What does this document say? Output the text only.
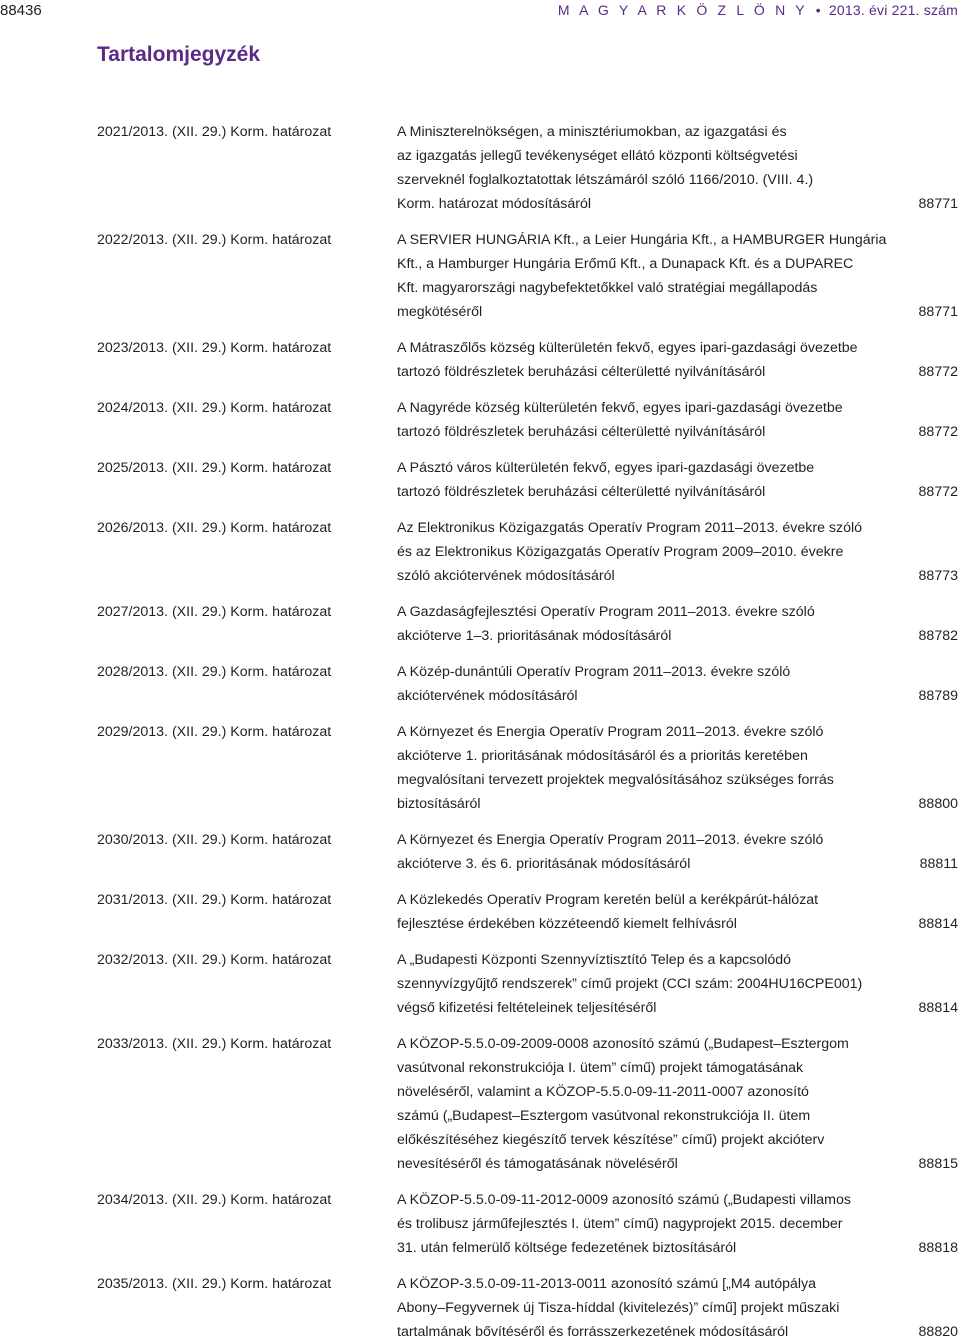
88436	M A G Y A R K Ö Z L Ö N Y • 2013. évi 221. szám
Tartalomjegyzék
2021/2013. (XII. 29.) Korm. határozat	A Miniszterelnökségen, a minisztériumokban, az igazgatási és
az igazgatás jellegű tevékenységet ellátó központi költségvetési
szerveknél foglalkoztatottak létszámáról szóló 1166/2010. (VIII. 4.)
Korm. határozat módosításáról	88771
2022/2013. (XII. 29.) Korm. határozat	A SERVIER HUNGÁRIA Kft., a Leier Hungária Kft., a HAMBURGER Hungária
Kft., a Hamburger Hungária Erőmű Kft., a Dunapack Kft. és a DUPAREC
Kft. magyarországi nagybefektetőkkel való stratégiai megállapodás
megkötéséről	88771
2023/2013. (XII. 29.) Korm. határozat	A Mátraszőlős község külterületén fekvő, egyes ipari-gazdasági övezetbe
tartozó földrészletek beruházási célterületté nyilvánításáról	88772
2024/2013. (XII. 29.) Korm. határozat	A Nagyréde község külterületén fekvő, egyes ipari-gazdasági övezetbe
tartozó földrészletek beruházási célterületté nyilvánításáról	88772
2025/2013. (XII. 29.) Korm. határozat	A Pásztó város külterületén fekvő, egyes ipari-gazdasági övezetbe
tartozó földrészletek beruházási célterületté nyilvánításáról	88772
2026/2013. (XII. 29.) Korm. határozat	Az Elektronikus Közigazgatás Operatív Program 2011–2013. évekre szóló
és az Elektronikus Közigazgatás Operatív Program 2009–2010. évekre
szóló akciótervének módosításáról	88773
2027/2013. (XII. 29.) Korm. határozat	A Gazdaságfejlesztési Operatív Program 2011–2013. évekre szóló
akcióterve 1–3. prioritásának módosításáról	88782
2028/2013. (XII. 29.) Korm. határozat	A Közép-dunántúli Operatív Program 2011–2013. évekre szóló
akciótervének módosításáról	88789
2029/2013. (XII. 29.) Korm. határozat	A Környezet és Energia Operatív Program 2011–2013. évekre szóló
akcióterve 1. prioritásának módosításáról és a prioritás keretében
megvalósítani tervezett projektek megvalósításához szükséges forrás
biztosításáról	88800
2030/2013. (XII. 29.) Korm. határozat	A Környezet és Energia Operatív Program 2011–2013. évekre szóló
akcióterve 3. és 6. prioritásának módosításáról	88811
2031/2013. (XII. 29.) Korm. határozat	A Közlekedés Operatív Program keretén belül a kerékpárút-hálózat
fejlesztése érdekében közzéteendő kiemelt felhívásról	88814
2032/2013. (XII. 29.) Korm. határozat	A „Budapesti Központi Szennyvíztisztító Telep és a kapcsolódó
szennyvízgyűjtő rendszerek” című projekt (CCI szám: 2004HU16CPE001)
végső kifizetési feltételeinek teljesítéséről	88814
2033/2013. (XII. 29.) Korm. határozat	A KÖZOP-5.5.0-09-2009-0008 azonosító számú („Budapest–Esztergom
vasútvonal rekonstrukciója I. ütem” című) projekt támogatásának
növeléséről, valamint a KÖZOP-5.5.0-09-11-2011-0007 azonosító
számú („Budapest–Esztergom vasútvonal rekonstrukciója II. ütem
előkészítéséhez kiegészítő tervek készítése” című) projekt akcióterv
nevesítéséről és támogatásának növeléséről	88815
2034/2013. (XII. 29.) Korm. határozat	A KÖZOP-5.5.0-09-11-2012-0009 azonosító számú („Budapesti villamos
és trolibusz járműfejlesztés I. ütem” című) nagyprojekt 2015. december
31. után felmerülő költsége fedezetének biztosításáról	88818
2035/2013. (XII. 29.) Korm. határozat	A KÖZOP-3.5.0-09-11-2013-0011 azonosító számú [„M4 autópálya
Abony–Fegyvernek új Tisza-híddal (kivitelezés)” című] projekt műszaki
tartalmának bővítéséről és forrásszerkezetének módosításáról	88820
